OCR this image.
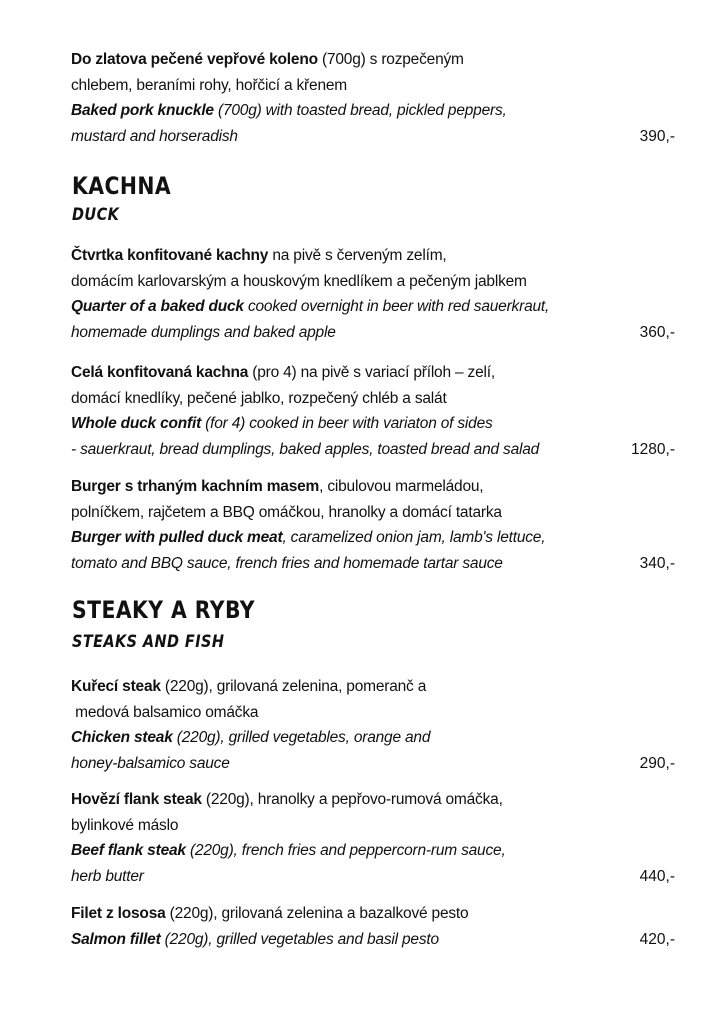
Do zlatova pečené vepřové koleno (700g) s rozpečeným
chlebem, beraními rohy, hořčicí a křenem
Baked pork knuckle (700g) with toasted bread, pickled peppers,
mustard and horseradish	390,-
KACHNA
DUCK
Čtvrtka konfitované kachny na pivě s červeným zelím,
domácím karlovarským a houskovým knedlíkem a pečeným jablkem
Quarter of a baked duck cooked overnight in beer with red sauerkraut,
homemade dumplings and baked apple	360,-
Celá konfitovaná kachna (pro 4) na pivě s variací příloh – zelí,
domácí knedlíky, pečené jablko, rozpečený chléb a salát
Whole duck confit (for 4) cooked in beer with variaton of sides
- sauerkraut, bread dumplings, baked apples, toasted bread and salad	1280,-
Burger s trhaným kachním masem, cibulovou marmeládou,
polníčkem, rajčetem a BBQ omáčkou, hranolky a domácí tatarka
Burger with pulled duck meat, caramelized onion jam, lamb's lettuce,
tomato and BBQ sauce, french fries and homemade tartar sauce	340,-
STEAKY A RYBY
STEAKS AND FISH
Kuřecí steak (220g), grilovaná zelenina, pomeranč a
medová balsamico omáčka
Chicken steak (220g), grilled vegetables, orange and
honey-balsamico sauce	290,-
Hovězí flank steak (220g), hranolky a pepřovo-rumová omáčka,
bylinkové máslo
Beef flank steak (220g), french fries and peppercorn-rum sauce,
herb butter	440,-
Filet z lososa (220g), grilovaná zelenina a bazalkové pesto
Salmon fillet (220g), grilled vegetables and basil pesto	420,-
